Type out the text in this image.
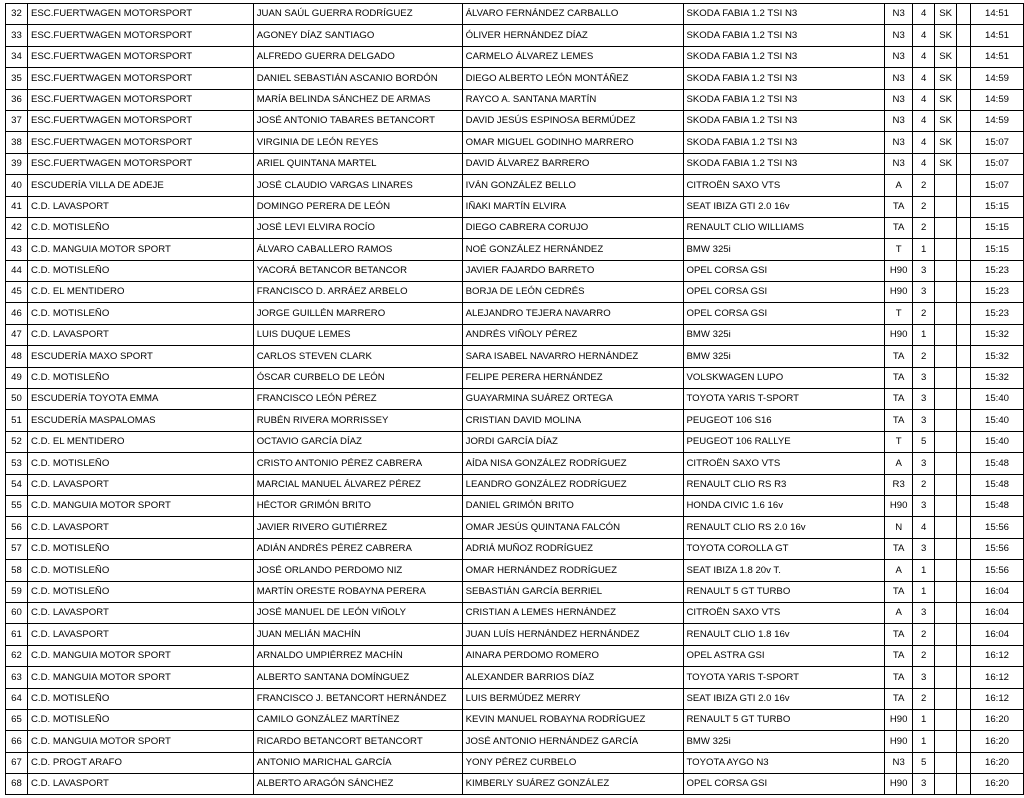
32	ESC.FUERTWAGEN MOTORSPORT	JUAN SAÚL GUERRA RODRÍGUEZ	ÁLVARO FERNÁNDEZ CARBALLO	SKODA FABIA 1.2 TSI N3	N3	4	SK		14:51
33	ESC.FUERTWAGEN MOTORSPORT	AGONEY DÍAZ SANTIAGO	ÓLIVER HERNÁNDEZ DÍAZ	SKODA FABIA 1.2 TSI N3	N3	4	SK		14:51
34	ESC.FUERTWAGEN MOTORSPORT	ALFREDO GUERRA DELGADO	CARMELO ÁLVAREZ LEMES	SKODA FABIA 1.2 TSI N3	N3	4	SK		14:51
35	ESC.FUERTWAGEN MOTORSPORT	DANIEL SEBASTIÁN ASCANIO BORDÓN	DIEGO ALBERTO LEÓN MONTÁÑEZ	SKODA FABIA 1.2 TSI N3	N3	4	SK		14:59
36	ESC.FUERTWAGEN MOTORSPORT	MARÍA BELINDA SÁNCHEZ DE ARMAS	RAYCO A. SANTANA MARTÍN	SKODA FABIA 1.2 TSI N3	N3	4	SK		14:59
37	ESC.FUERTWAGEN MOTORSPORT	JOSÉ ANTONIO TABARES BETANCORT	DAVID JESÚS ESPINOSA BERMÚDEZ	SKODA FABIA 1.2 TSI N3	N3	4	SK		14:59
38	ESC.FUERTWAGEN MOTORSPORT	VIRGINIA DE LEÓN REYES	OMAR MIGUEL GODINHO MARRERO	SKODA FABIA 1.2 TSI N3	N3	4	SK		15:07
39	ESC.FUERTWAGEN MOTORSPORT	ARIEL QUINTANA MARTEL	DAVID ÁLVAREZ BARRERO	SKODA FABIA 1.2 TSI N3	N3	4	SK		15:07
40	ESCUDERÍA VILLA DE ADEJE	JOSÉ CLAUDIO VARGAS LINARES	IVÁN GONZÁLEZ BELLO	CITROËN SAXO VTS	A	2			15:07
41	C.D. LAVASPORT	DOMINGO PERERA DE LEÓN	IÑAKI MARTÍN ELVIRA	SEAT IBIZA GTI 2.0 16v	TA	2			15:15
42	C.D. MOTISLEÑO	JOSÉ LEVI ELVIRA ROCÍO	DIEGO CABRERA CORUJO	RENAULT CLIO WILLIAMS	TA	2			15:15
43	C.D. MANGUIA MOTOR SPORT	ÁLVARO CABALLERO RAMOS	NOÉ GONZÁLEZ HERNÁNDEZ	BMW 325i	T	1			15:15
44	C.D. MOTISLEÑO	YACORÁ BETANCOR BETANCOR	JAVIER FAJARDO BARRETO	OPEL CORSA GSI	H90	3			15:23
45	C.D. EL MENTIDERO	FRANCISCO D. ARRÁEZ ARBELO	BORJA DE LEÓN CEDRÉS	OPEL CORSA GSI	H90	3			15:23
46	C.D. MOTISLEÑO	JORGE GUILLÉN MARRERO	ALEJANDRO TEJERA NAVARRO	OPEL CORSA GSI	T	2			15:23
47	C.D. LAVASPORT	LUIS DUQUE LEMES	ANDRÉS VIÑOLY PÉREZ	BMW 325i	H90	1			15:32
48	ESCUDERÍA MAXO SPORT	CARLOS STEVEN CLARK	SARA ISABEL NAVARRO HERNÁNDEZ	BMW 325i	TA	2			15:32
49	C.D. MOTISLEÑO	ÓSCAR CURBELO DE LEÓN	FELIPE PERERA HERNÁNDEZ	VOLSKWAGEN LUPO	TA	3			15:32
50	ESCUDERÍA TOYOTA EMMA	FRANCISCO LEÓN PÉREZ	GUAYARMINA SUÁREZ ORTEGA	TOYOTA YARIS T-SPORT	TA	3			15:40
51	ESCUDERÍA MASPALOMAS	RUBÉN RIVERA MORRISSEY	CRISTIAN DAVID MOLINA	PEUGEOT 106 S16	TA	3			15:40
52	C.D. EL MENTIDERO	OCTAVIO GARCÍA DÍAZ	JORDI GARCÍA DÍAZ	PEUGEOT 106 RALLYE	T	5			15:40
53	C.D. MOTISLEÑO	CRISTO ANTONIO PÉREZ CABRERA	AÍDA NISA GONZÁLEZ RODRÍGUEZ	CITROËN SAXO VTS	A	3			15:48
54	C.D. LAVASPORT	MARCIAL MANUEL ÁLVAREZ PÉREZ	LEANDRO GONZÁLEZ RODRÍGUEZ	RENAULT CLIO RS R3	R3	2			15:48
55	C.D. MANGUIA MOTOR SPORT	HÉCTOR GRIMÓN BRITO	DANIEL GRIMÓN BRITO	HONDA CIVIC 1.6 16v	H90	3			15:48
56	C.D. LAVASPORT	JAVIER RIVERO GUTIÉRREZ	OMAR JESÚS QUINTANA FALCÓN	RENAULT CLIO RS 2.0 16v	N	4			15:56
57	C.D. MOTISLEÑO	ADIÁN ANDRÉS PÉREZ CABRERA	ADRIÁ MUÑOZ RODRÍGUEZ	TOYOTA COROLLA GT	TA	3			15:56
58	C.D. MOTISLEÑO	JOSÉ ORLANDO PERDOMO NIZ	OMAR HERNÁNDEZ RODRÍGUEZ	SEAT IBIZA 1.8 20v T.	A	1			15:56
59	C.D. MOTISLEÑO	MARTÍN ORESTE ROBAYNA PERERA	SEBASTIÁN GARCÍA BERRIEL	RENAULT 5 GT TURBO	TA	1			16:04
60	C.D. LAVASPORT	JOSÉ MANUEL DE LEÓN VIÑOLY	CRISTIAN A LEMES HERNÁNDEZ	CITROËN SAXO VTS	A	3			16:04
61	C.D. LAVASPORT	JUAN MELIÁN MACHÍN	JUAN LUÍS HERNÁNDEZ HERNÁNDEZ	RENAULT CLIO 1.8 16v	TA	2			16:04
62	C.D. MANGUIA MOTOR SPORT	ARNALDO UMPIÉRREZ MACHÍN	AINARA PERDOMO ROMERO	OPEL ASTRA GSI	TA	2			16:12
63	C.D. MANGUIA MOTOR SPORT	ALBERTO SANTANA DOMÍNGUEZ	ALEXANDER BARRIOS DÍAZ	TOYOTA YARIS T-SPORT	TA	3			16:12
64	C.D. MOTISLEÑO	FRANCISCO J. BETANCORT HERNÁNDEZ	LUIS BERMÚDEZ MERRY	SEAT IBIZA GTI 2.0 16v	TA	2			16:12
65	C.D. MOTISLEÑO	CAMILO GONZÁLEZ MARTÍNEZ	KEVIN MANUEL ROBAYNA RODRÍGUEZ	RENAULT 5 GT TURBO	H90	1			16:20
66	C.D. MANGUIA MOTOR SPORT	RICARDO BETANCORT BETANCORT	JOSÉ ANTONIO HERNÁNDEZ GARCÍA	BMW 325i	H90	1			16:20
67	C.D. PROGT ARAFO	ANTONIO MARICHAL GARCÍA	YONY PÉREZ CURBELO	TOYOTA AYGO N3	N3	5			16:20
68	C.D. LAVASPORT	ALBERTO ARAGÓN SÁNCHEZ	KIMBERLY SUÁREZ GONZÁLEZ	OPEL CORSA GSI	H90	3			16:20
